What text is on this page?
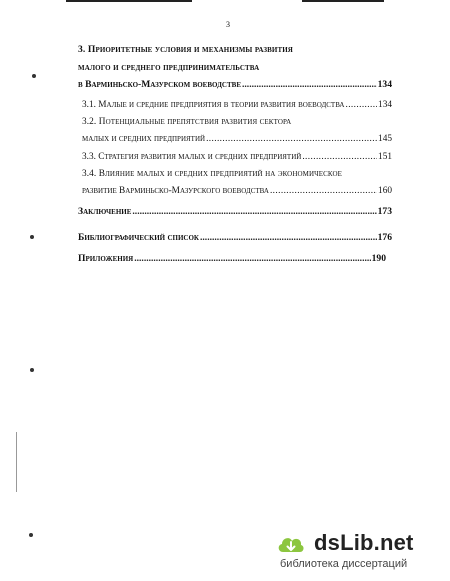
3
3. Приоритетные условия и механизмы развития
малого и среднего предпринимательства
в Варминьско-Мазурском воеводстве .....	134
3.1. Малые и средние предприятия в теории развития воеводства .....	134
3.2. Потенциальные препятствия развития сектора
малых и средних предприятий .....	145
3.3. Стратегия развития малых и средних предприятий .....	151
3.4. Влияние малых и средних предприятий на экономическое
развитие Варминьско-Мазурского воеводства .....	160
Заключение .....	173
Библиографический список .....	176
Приложения .....	190
dsLib.net
библиотека диссертаций
